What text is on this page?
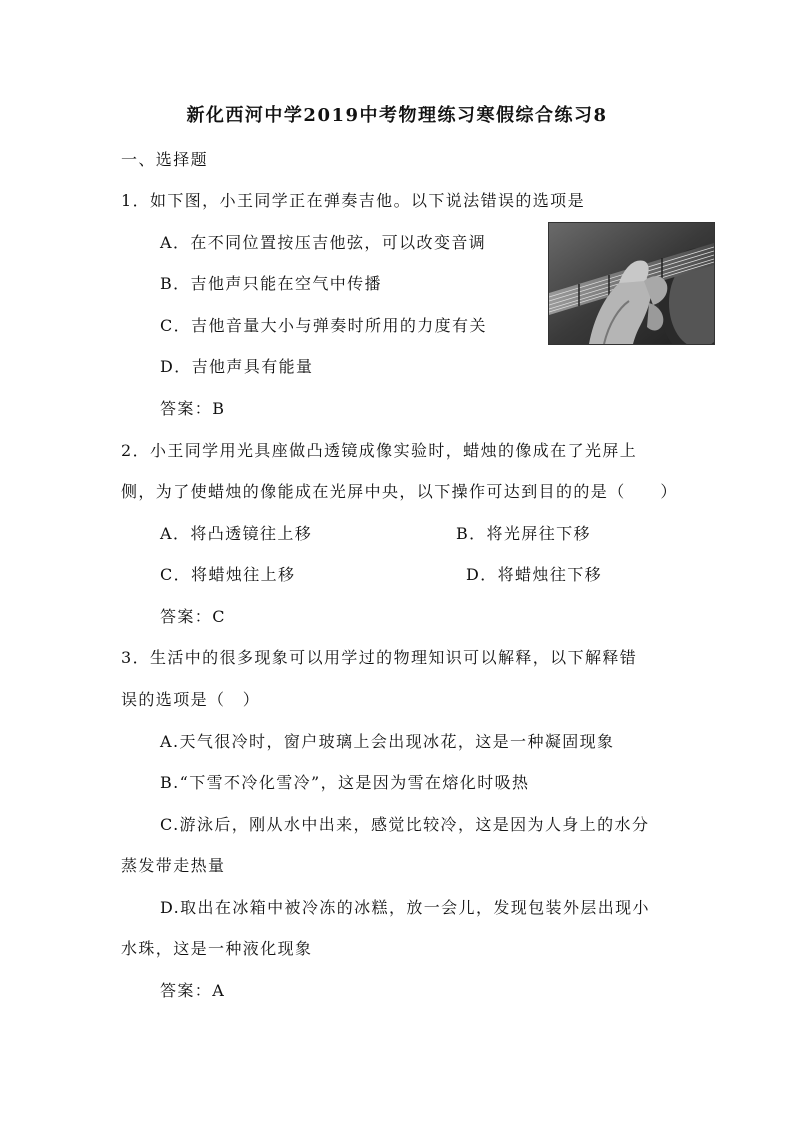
新化西河中学2019中考物理练习寒假综合练习8
一、选择题
1．如下图，小王同学正在弹奏吉他。以下说法错误的选项是
A．在不同位置按压吉他弦，可以改变音调
B．吉他声只能在空气中传播
C．吉他音量大小与弹奏时所用的力度有关
D．吉他声具有能量
答案：B
2．小王同学用光具座做凸透镜成像实验时，蜡烛的像成在了光屏上
侧，为了使蜡烛的像能成在光屏中央，以下操作可达到目的的是（　　）
A．将凸透镜往上移	B．将光屏往下移
C．将蜡烛往上移	D．将蜡烛往下移
答案：C
3．生活中的很多现象可以用学过的物理知识可以解释，以下解释错
误的选项是（　）
A.天气很冷时，窗户玻璃上会出现冰花，这是一种凝固现象
B.“下雪不冷化雪冷”，这是因为雪在熔化时吸热
C.游泳后，刚从水中出来，感觉比较冷，这是因为人身上的水分
蒸发带走热量
D.取出在冰箱中被冷冻的冰糕，放一会儿，发现包装外层出现小
水珠，这是一种液化现象
答案：A
